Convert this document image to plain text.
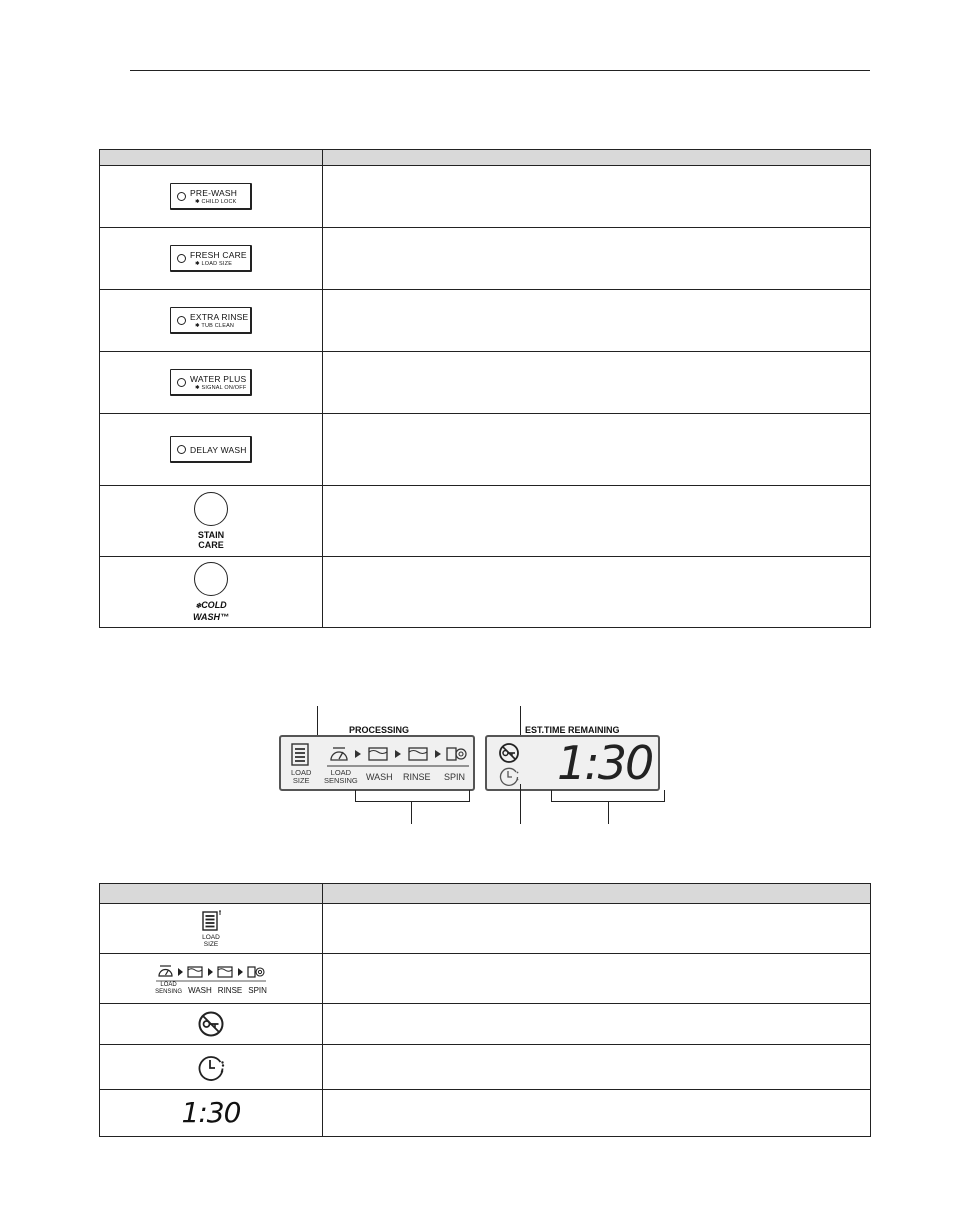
PRE-WASH
✱ CHILD LOCK	

FRESH CARE
✱ LOAD SIZE	

EXTRA RINSE
✱ TUB CLEAN	

WATER PLUS
✱ SIGNAL ON/OFF	

DELAY WASH	

STAIN
CARE	

❄COLD
WASH™	

PROCESSING	EST.TIME REMAINING
LOAD
SIZE
LOAD
SENSING WASH RINSE SPIN 1:30

LOAD
SIZE	

LOAD
SENSING WASH RINSE SPIN	

1:30	
